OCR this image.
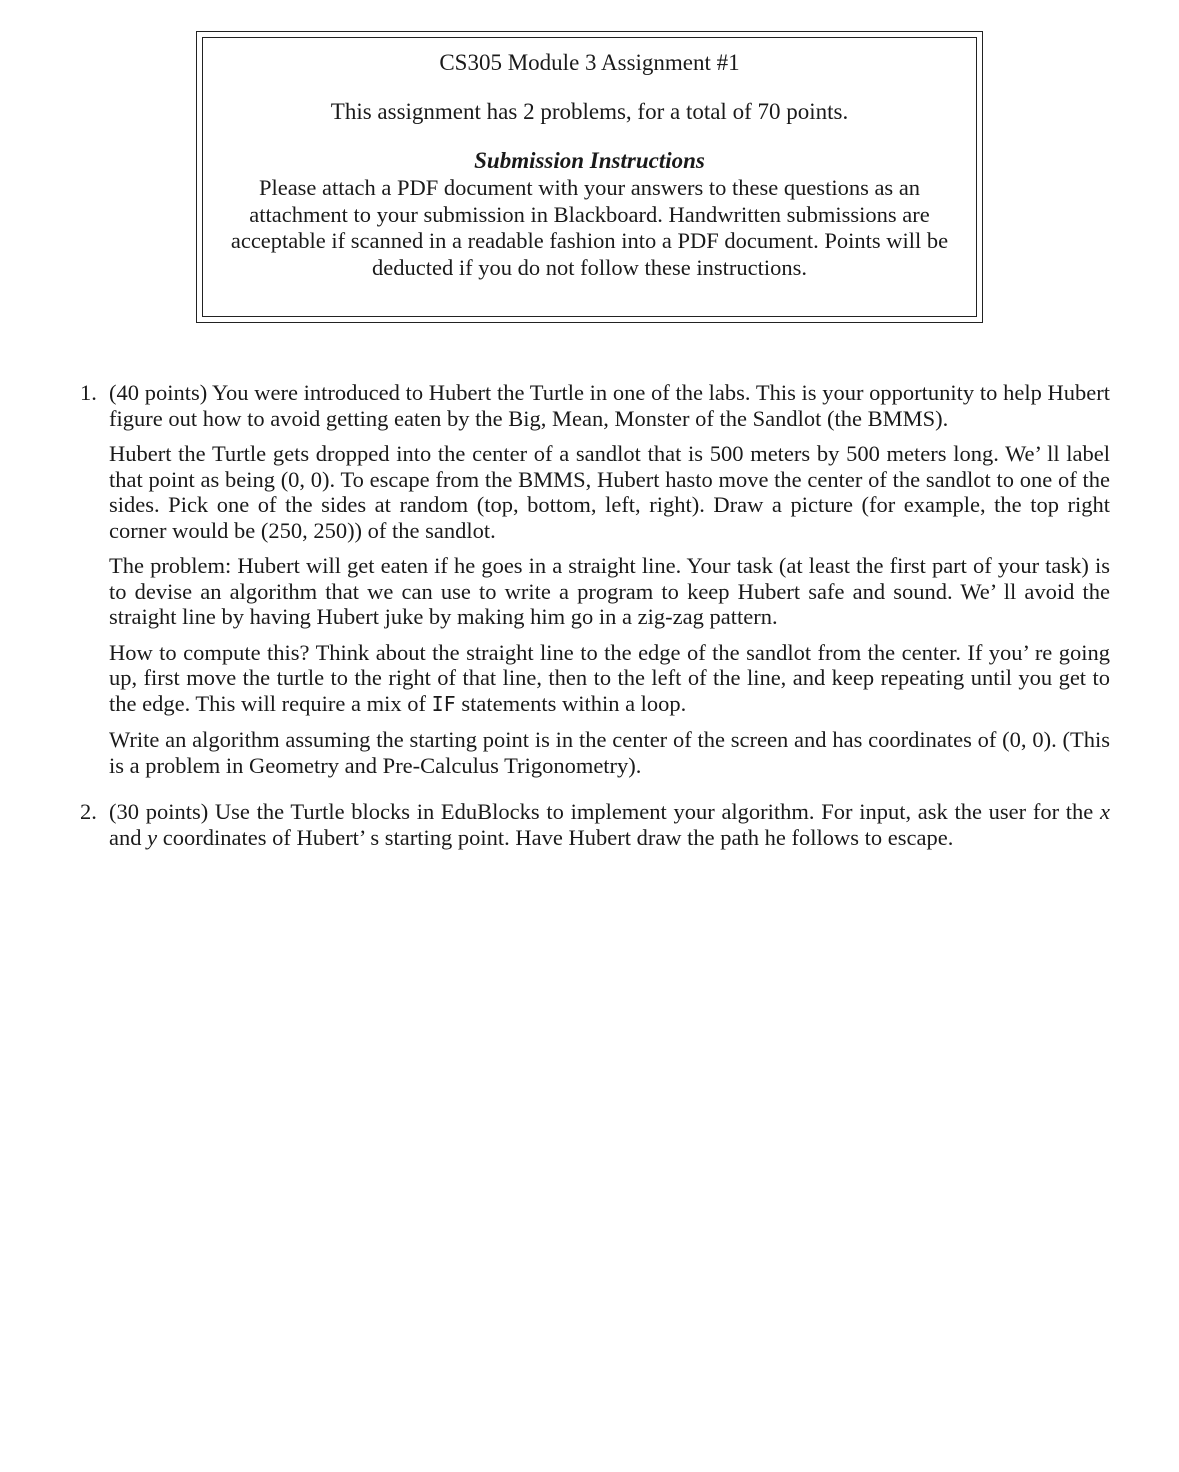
CS305 Module 3 Assignment #1

This assignment has 2 problems, for a total of 70 points.

Submission Instructions

Please attach a PDF document with your answers to these questions as an attachment to your submission in Blackboard. Handwritten submissions are acceptable if scanned in a readable fashion into a PDF document. Points will be deducted if you do not follow these instructions.

1. (40 points) You were introduced to Hubert the Turtle in one of the labs. This is your opportunity to help Hubert figure out how to avoid getting eaten by the Big, Mean, Monster of the Sandlot (the BMMS).

Hubert the Turtle gets dropped into the center of a sandlot that is 500 meters by 500 meters long. We’ ll label that point as being (0, 0). To escape from the BMMS, Hubert hasto move the center of the sandlot to one of the sides. Pick one of the sides at random (top, bottom, left, right). Draw a picture (for example, the top right corner would be (250, 250)) of the sandlot.

The problem: Hubert will get eaten if he goes in a straight line. Your task (at least the first part of your task) is to devise an algorithm that we can use to write a program to keep Hubert safe and sound. We’ ll avoid the straight line by having Hubert juke by making him go in a zig-zag pattern.

How to compute this? Think about the straight line to the edge of the sandlot from the center. If you’ re going up, first move the turtle to the right of that line, then to the left of the line, and keep repeating until you get to the edge. This will require a mix of IF statements within a loop.

Write an algorithm assuming the starting point is in the center of the screen and has coordinates of (0, 0). (This is a problem in Geometry and Pre-Calculus Trigonometry).

2. (30 points) Use the Turtle blocks in EduBlocks to implement your algorithm. For input, ask the user for the x and y coordinates of Hubert’ s starting point. Have Hubert draw the path he follows to escape.
